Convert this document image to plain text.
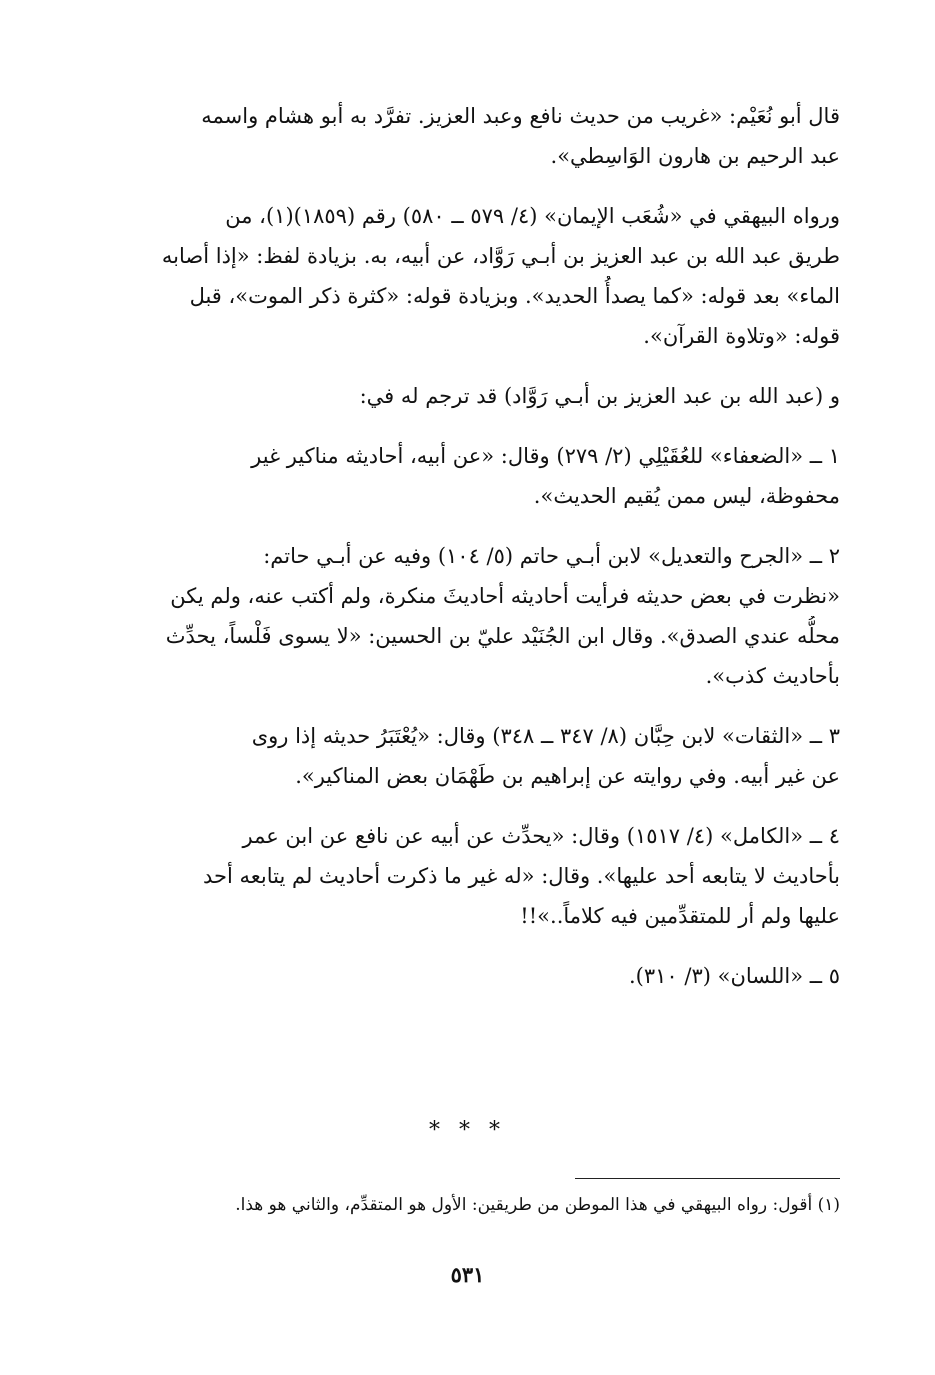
قال أبو نُعَيْم: «غريب من حديث نافع وعبد العزيز. تفرَّد به أبو هشام واسمه
عبد الرحيم بن هارون الوَاسِطي».

ورواه البيهقي في «شُعَب الإيمان» (٤/ ٥٧٩ ــ ٥٨٠) رقم (١٨٥٩)(١)، من
طريق عبد الله بن عبد العزيز بن أبـي رَوَّاد، عن أبيه، به. بزيادة لفظ: «إذا أصابه
الماء» بعد قوله: «كما يصدأُ الحديد». وبزيادة قوله: «كثرة ذكر الموت»، قبل
قوله: «وتلاوة القرآن».

و (عبد الله بن عبد العزيز بن أبـي رَوَّاد) قد ترجم له في:

١ ــ «الضعفاء» للعُقَيْلِي (٢/ ٢٧٩) وقال: «عن أبيه، أحاديثه مناكير غير
محفوظة، ليس ممن يُقيم الحديث».

٢ ــ «الجرح والتعديل» لابن أبـي حاتم (٥/ ١٠٤) وفيه عن أبـي حاتم:
«نظرت في بعض حديثه فرأيت أحاديثه أحاديثَ منكرة، ولم أكتب عنه، ولم يكن
محلُّه عندي الصدق». وقال ابن الجُنَيْد عليّ بن الحسين: «لا يسوى فَلْساً، يحدِّث
بأحاديث كذب».

٣ ــ «الثقات» لابن حِبَّان (٨/ ٣٤٧ ــ ٣٤٨) وقال: «يُعْتَبَرُ حديثه إذا روى
عن غير أبيه. وفي روايته عن إبراهيم بن طَهْمَان بعض المناكير».

٤ ــ «الكامل» (٤/ ١٥١٧) وقال: «يحدِّث عن أبيه عن نافع عن ابن عمر
بأحاديث لا يتابعه أحد عليها». وقال: «له غير ما ذكرت أحاديث لم يتابعه أحد
عليها ولم أر للمتقدِّمين فيه كلاماً..»!!

٥ ــ «اللسان» (٣/ ٣١٠).

* * *
(١) أقول: رواه البيهقي في هذا الموطن من طريقين: الأول هو المتقدِّم، والثاني هو هذا.
٥٣١
